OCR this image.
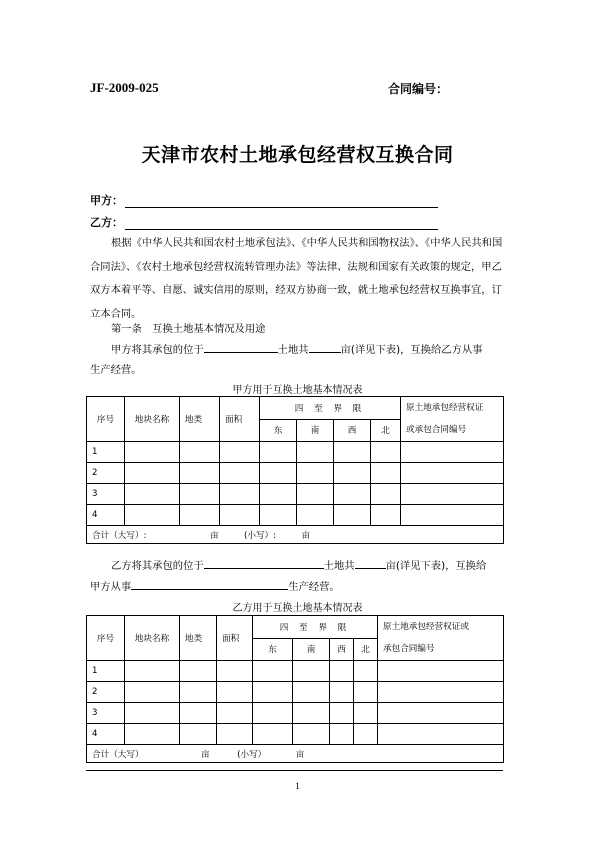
JF-2009-025	合同编号：
天津市农村土地承包经营权互换合同
甲方：
乙方：
根据《中华人民共和国农村土地承包法》、《中华人民共和国物权法》、《中华人民共和国合同法》、《农村土地承包经营权流转管理办法》等法律、法规和国家有关政策的规定，甲乙双方本着平等、自愿、诚实信用的原则，经双方协商一致，就土地承包经营权互换事宜，订立本合同。
第一条　互换土地基本情况及用途
甲方将其承包的位于	土地共	亩(详见下表)，互换给乙方从事
生产经营。
甲方用于互换土地基本情况表
序号	地块名称	地类	面积	四 至 界 限				原土地承包经营权证
或承包合同编号

				东	南	西	北	
1								
2								
3								
4								
合计（大写）: 亩 (小写）: 亩								
乙方将其承包的位于	土地共	亩(详见下表)，互换给
甲方从事	生产经营。
乙方用于互换土地基本情况表
序号	地块名称	地类	面积	四 至 界 限				原土地承包经营权证或
承包合同编号

				东	南	西	北	
1								
2								
3								
4								
合计（大写） 亩 (小写） 亩								
1
